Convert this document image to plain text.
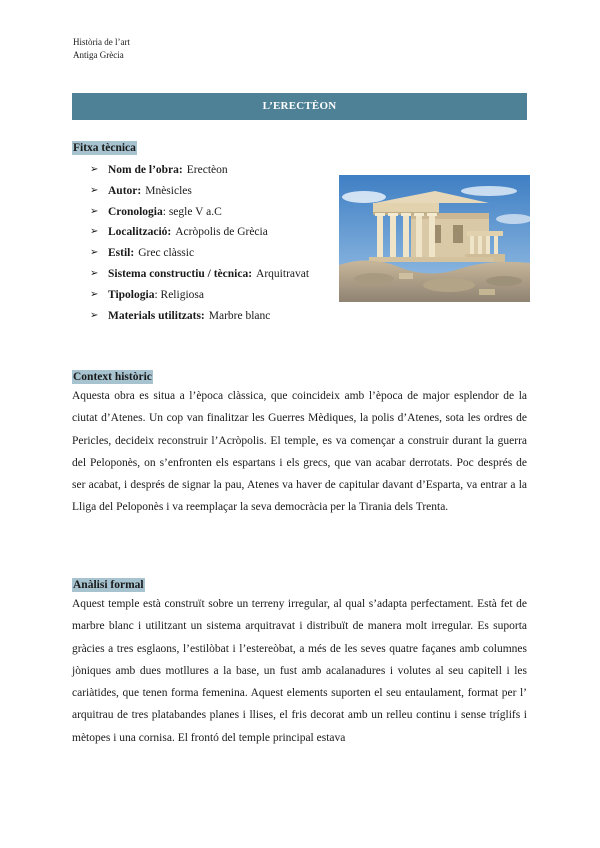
Història de l’art
Antiga Grècia
L’ERECTÈON
Fitxa tècnica
➢ Nom de l’obra: Erectèon
➢ Autor: Mnèsicles
➢ Cronologia : segle V a.C
➢ Localització: Acròpolis de Grècia
➢ Estil: Grec clàssic
➢ Sistema constructiu / tècnica: Arquitravat
➢ Tipologia : Religiosa
➢ Materials utilitzats: Marbre blanc
Context històric

Aquesta obra es situa a l’època clàssica, que coincideix amb l’època de major esplendor de la ciutat d’Atenes. Un cop van finalitzar les Guerres Mèdiques, la polis d’Atenes, sota les ordres de Pericles, decideix reconstruir l’Acròpolis. El temple, es va començar a construir durant la guerra del Peloponès, on s’enfronten els espartans i els grecs, que van acabar derrotats. Poc després de ser acabat, i després de signar la pau, Atenes va haver de capitular davant d’Esparta, va entrar a la Lliga del Peloponès i va reemplaçar la seva democràcia per la Tirania dels Trenta.

Anàlisi formal

Aquest temple està construït sobre un terreny irregular, al qual s’adapta perfectament. Està fet de marbre blanc i utilitzant un sistema arquitravat i distribuït de manera molt irregular. Es suporta gràcies a tres esglaons, l’estilòbat i l’estereòbat, a més de les seves quatre façanes amb columnes jòniques amb dues motllures a la base, un fust amb acalanadures i volutes al seu capitell i les cariàtides, que tenen forma femenina. Aquest elements suporten el seu entaulament, format per l’ arquitrau de tres platabandes planes i llises, el fris decorat amb un relleu continu i sense tríglifs i mètopes i una cornisa. El frontó del temple principal estava
